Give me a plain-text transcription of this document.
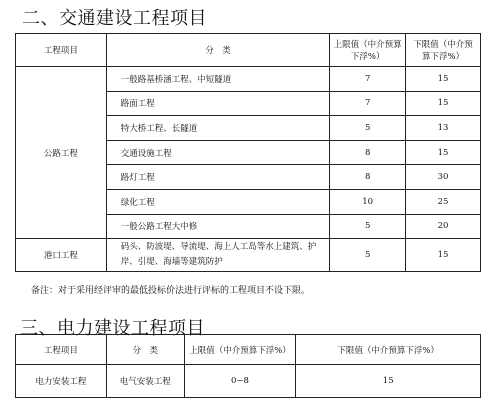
二、交通建设工程项目
工程项目	分　类	上限值（中介预算下浮%）	下限值（中介预算下浮%）
公路工程	一般路基桥涵工程、中短隧道	7	15
	路面工程	7	15
	特大桥工程、长隧道	5	13
	交通设施工程	8	15
	路灯工程	8	30
	绿化工程	10	25
	一般公路工程大中修	5	20
港口工程	码头、防波堤、导流堤、海上人工岛等水上建筑、护岸、引堤、海墙等建筑防护	5	15
备注：对于采用经评审的最低投标价法进行评标的工程项目不设下限。
三、电力建设工程项目
工程项目	分　类	上限值（中介预算下浮%）	下限值（中介预算下浮%）
电力安装工程	电气安装工程	0~8	15
